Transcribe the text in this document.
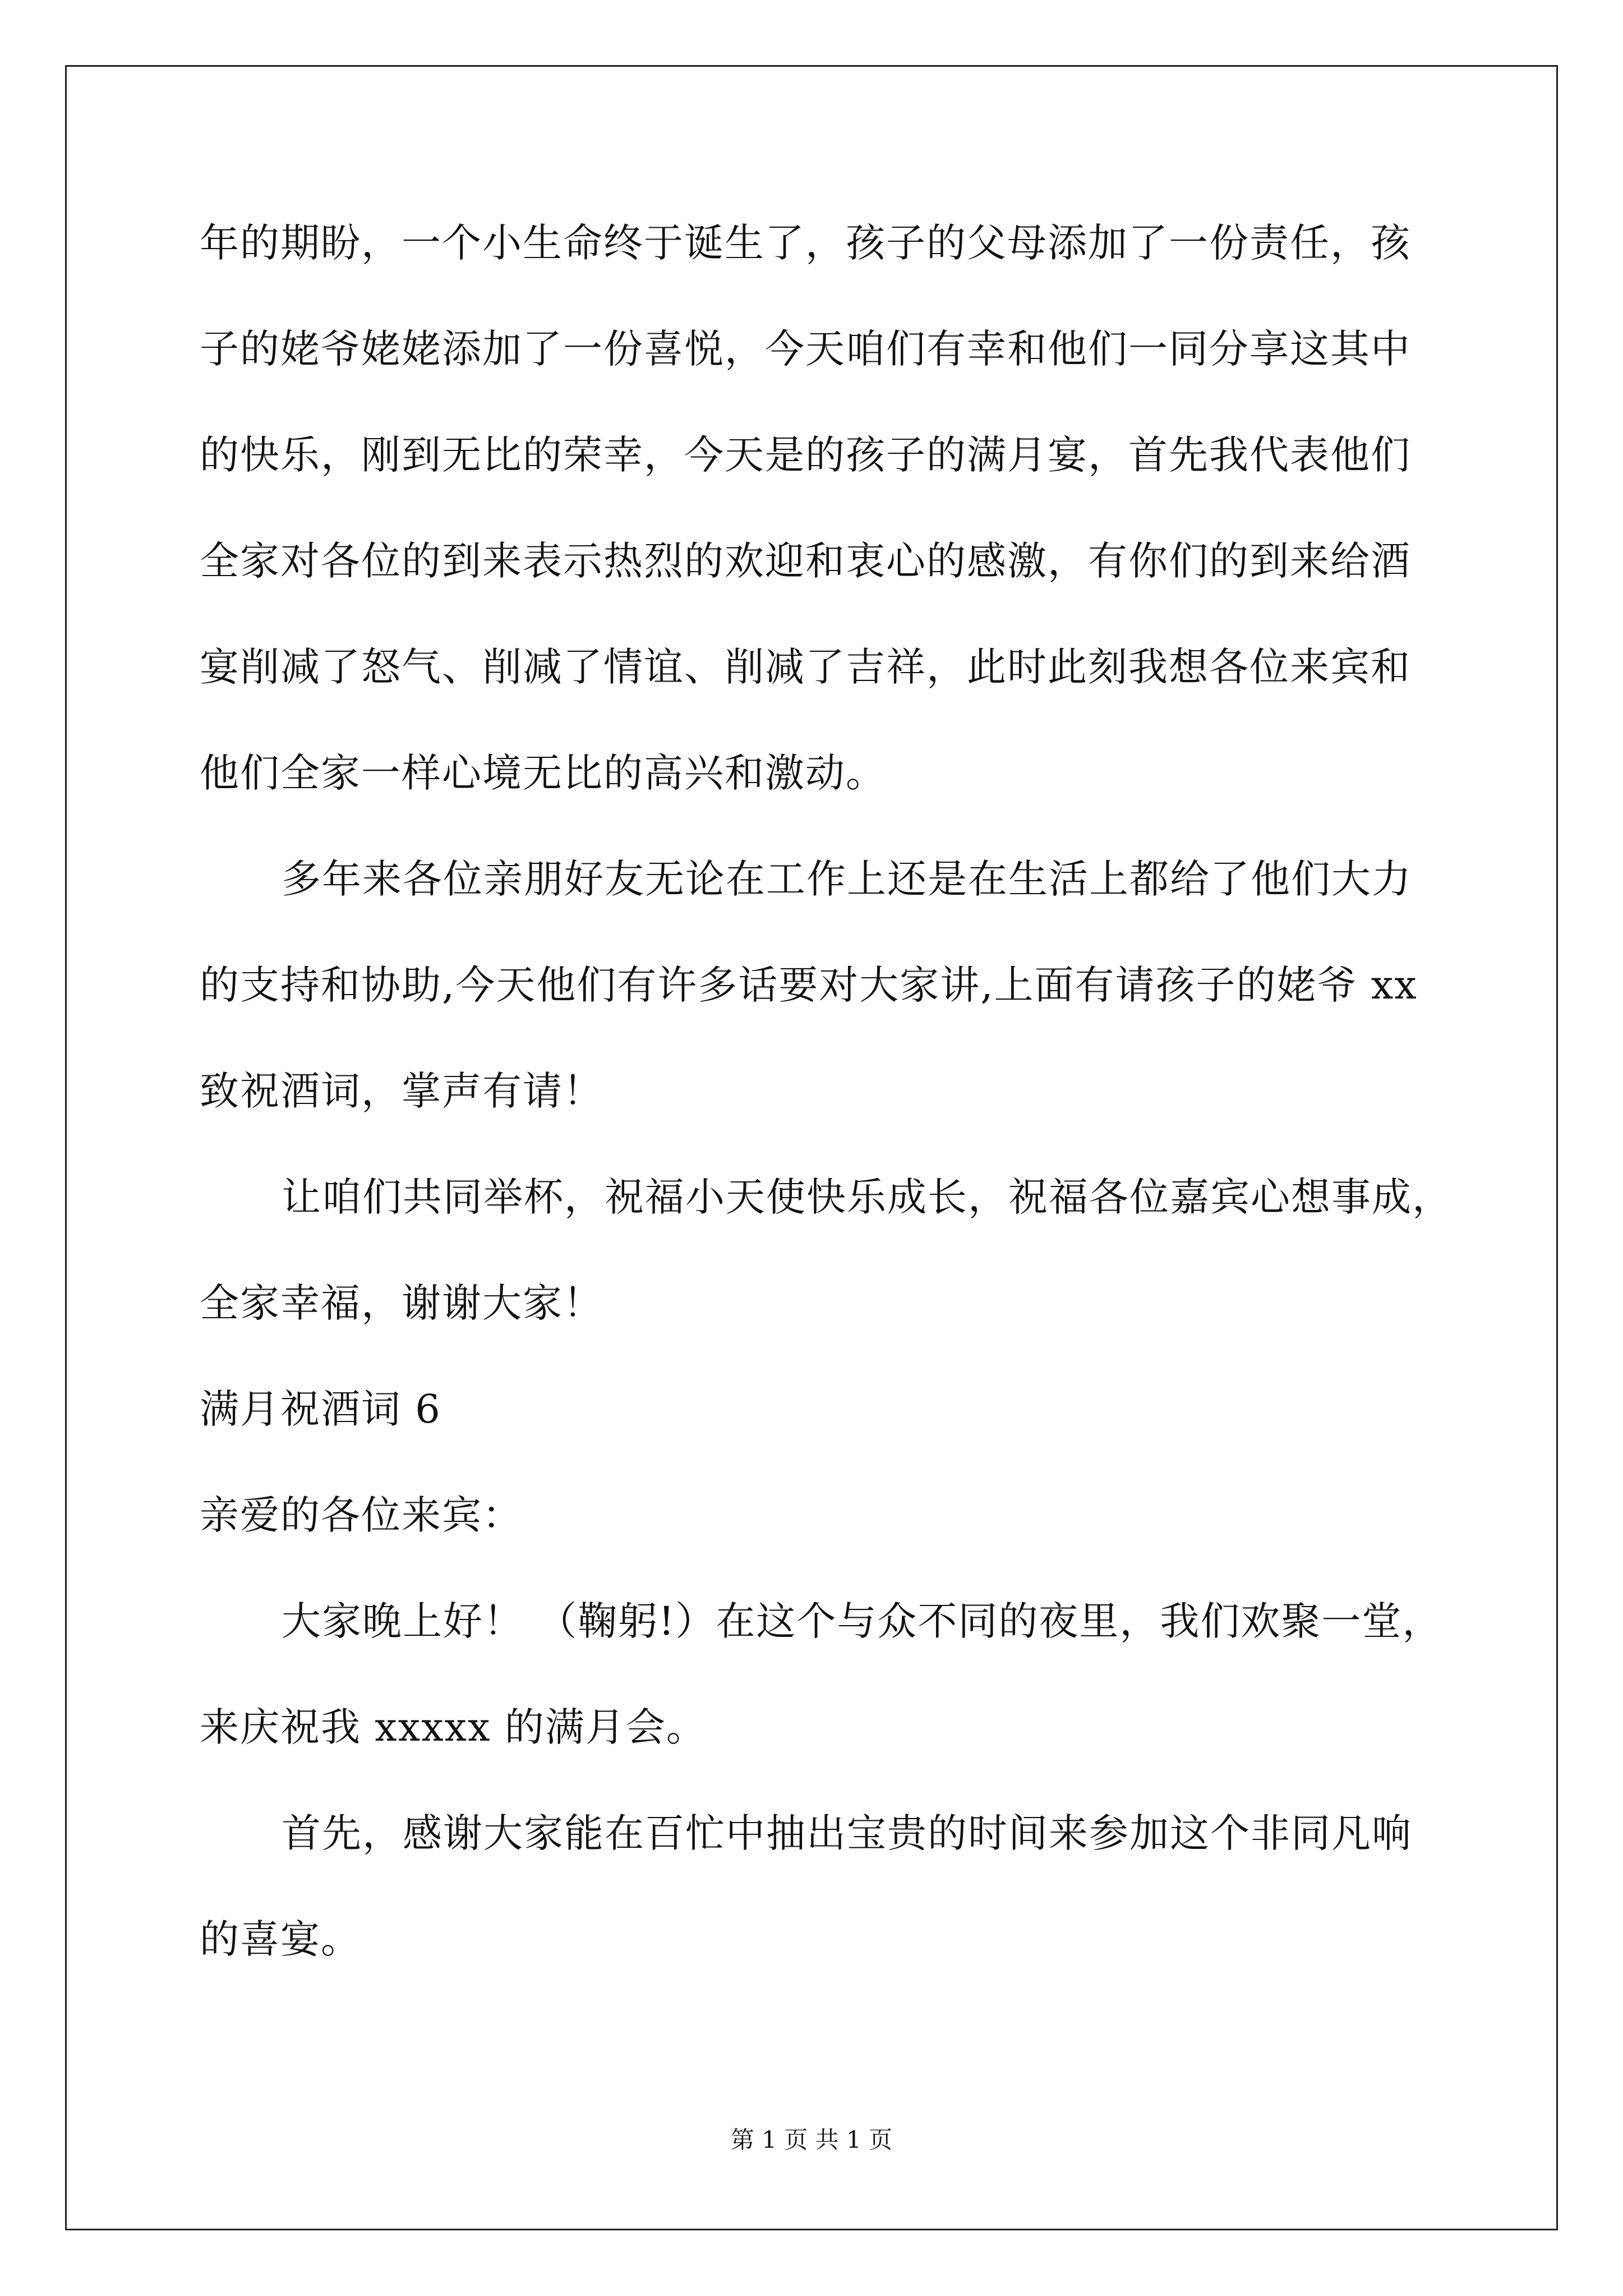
年的期盼，一个小生命终于诞生了，孩子的父母添加了一份责任，孩
子的姥爷姥姥添加了一份喜悦，今天咱们有幸和他们一同分享这其中
的快乐，刚到无比的荣幸，今天是的孩子的满月宴，首先我代表他们
全家对各位的到来表示热烈的欢迎和衷心的感激，有你们的到来给酒
宴削减了怒气、削减了情谊、削减了吉祥，此时此刻我想各位来宾和
他们全家一样心境无比的高兴和激动。
多年来各位亲朋好友无论在工作上还是在生活上都给了他们大力
的支持和协助,今天他们有许多话要对大家讲,上面有请孩子的姥爷 xx
致祝酒词，掌声有请！
让咱们共同举杯，祝福小天使快乐成长，祝福各位嘉宾心想事成，
全家幸福，谢谢大家！
满月祝酒词 6
亲爱的各位来宾：
大家晚上好！ （鞠躬!）在这个与众不同的夜里，我们欢聚一堂，
来庆祝我 xxxxx 的满月会。
首先，感谢大家能在百忙中抽出宝贵的时间来参加这个非同凡响
的喜宴。
第 1 页 共 1 页
